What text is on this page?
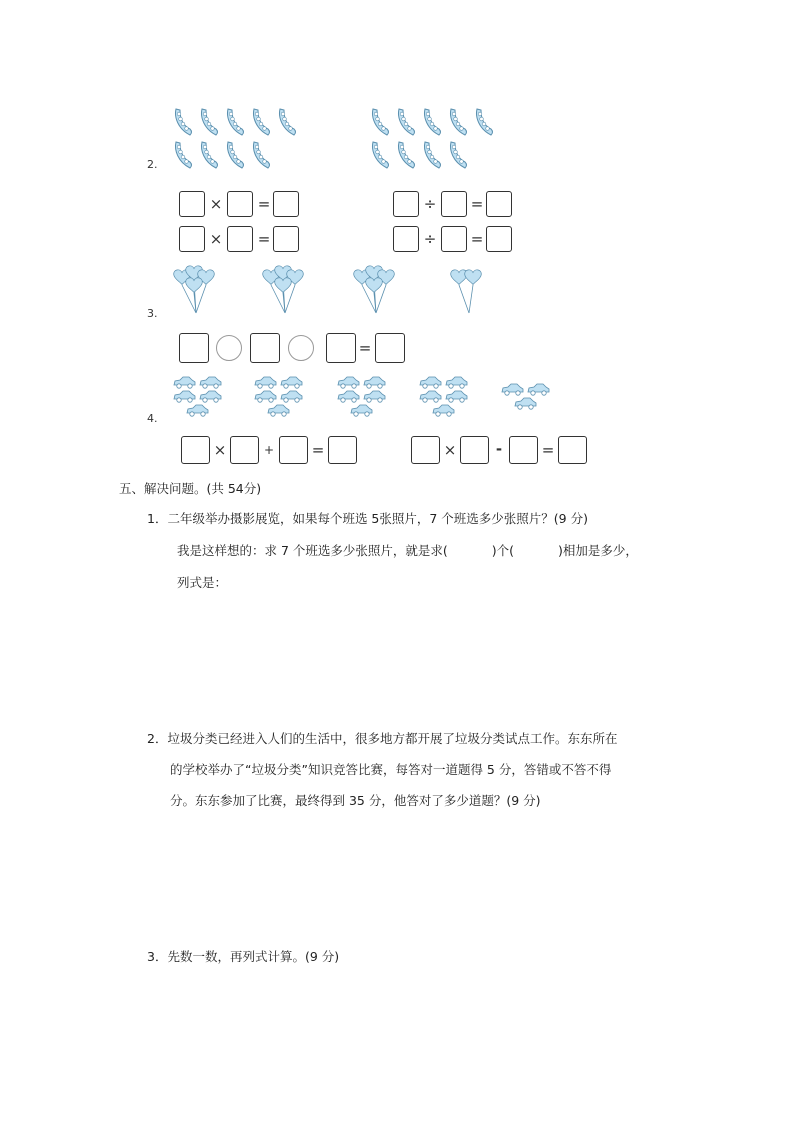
2.
× =
× =
÷ =
÷ =
3.
=
4.
×	+	=	×	-	=
五、解决问题。(共 54分)
1．二年级举办摄影展览，如果每个班选 5张照片，7 个班选多少张照片？(9 分)
我是这样想的：求 7 个班选多少张照片，就是求(	)个(	)相加是多少，
列式是：
2．垃圾分类已经进入人们的生活中，很多地方都开展了垃圾分类试点工作。东东所在
的学校举办了“垃圾分类”知识竞答比赛，每答对一道题得 5 分，答错或不答不得
分。东东参加了比赛，最终得到 35 分，他答对了多少道题？(9 分)
3．先数一数，再列式计算。(9 分)
